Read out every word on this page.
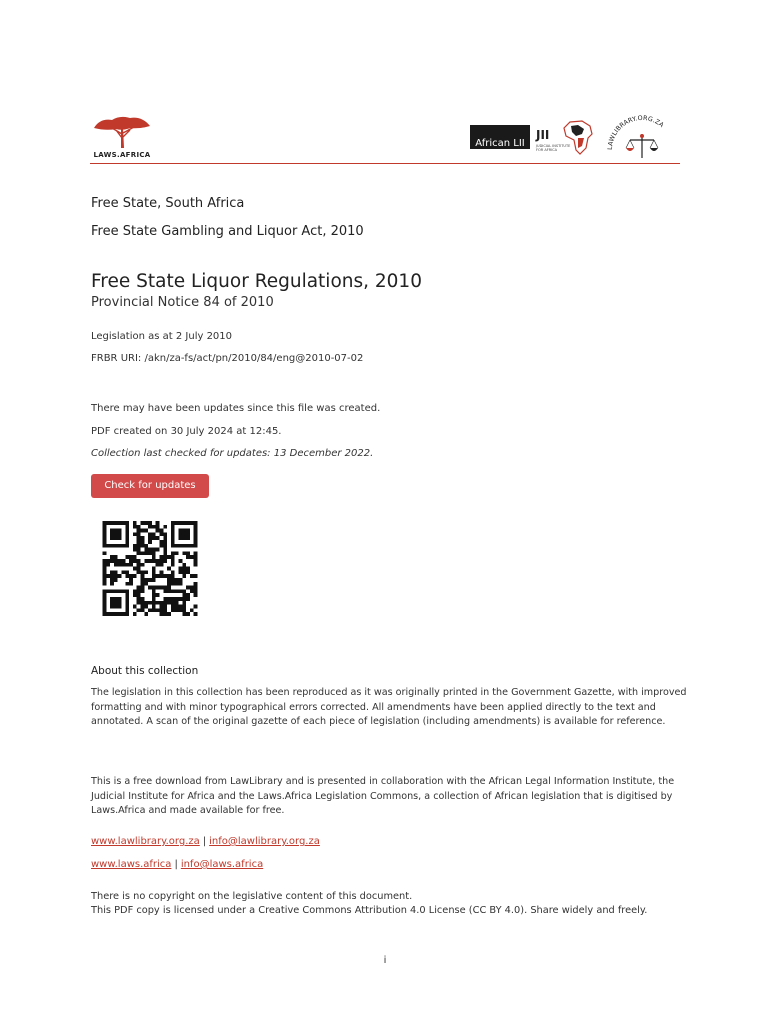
LAWS.AFRICA
African LII
JII
JUDICIAL INSTITUTE FOR AFRICA	LAWLIBRARY.ORG.ZA
Free State, South Africa
Free State Gambling and Liquor Act, 2010
Free State Liquor Regulations, 2010
Provincial Notice 84 of 2010
Legislation as at 2 July 2010
FRBR URI: /akn/za-fs/act/pn/2010/84/eng@2010-07-02
There may have been updates since this file was created.
PDF created on 30 July 2024 at 12:45.
Collection last checked for updates: 13 December 2022.
Check for updates
About this collection
The legislation in this collection has been reproduced as it was originally printed in the Government Gazette, with improved formatting and with minor typographical errors corrected. All amendments have been applied directly to the text and annotated. A scan of the original gazette of each piece of legislation (including amendments) is available for reference.
This is a free download from LawLibrary and is presented in collaboration with the African Legal Information Institute, the Judicial Institute for Africa and the Laws.Africa Legislation Commons, a collection of African legislation that is digitised by Laws.Africa and made available for free.
www.lawlibrary.org.za | info@lawlibrary.org.za
www.laws.africa | info@laws.africa
There is no copyright on the legislative content of this document.
This PDF copy is licensed under a Creative Commons Attribution 4.0 License (CC BY 4.0). Share widely and freely.
i
